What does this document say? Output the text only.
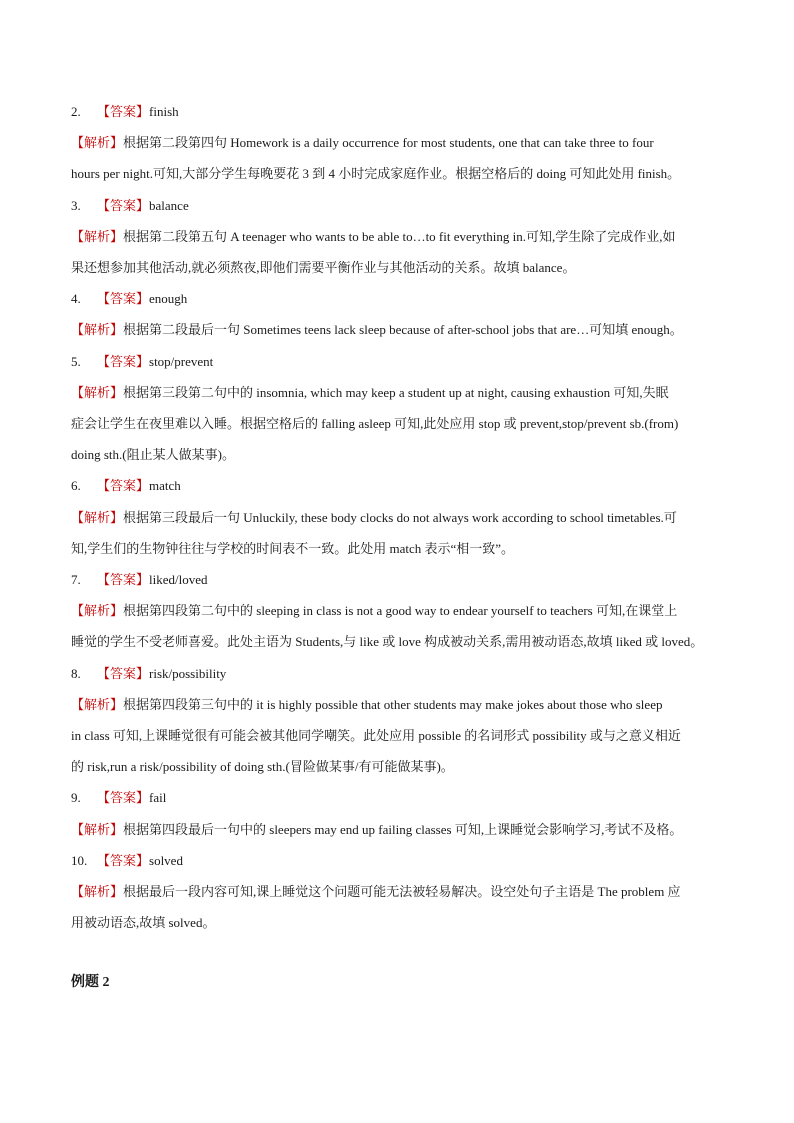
2. 【答案】finish
【解析】根据第二段第四句 Homework is a daily occurrence for most students, one that can take three to four
hours per night.可知,大部分学生每晚要花 3 到 4 小时完成家庭作业。根据空格后的 doing 可知此处用 finish。
3. 【答案】balance
【解析】根据第二段第五句 A teenager who wants to be able to…to fit everything in.可知,学生除了完成作业,如
果还想参加其他活动,就必须熬夜,即他们需要平衡作业与其他活动的关系。故填 balance。
4. 【答案】enough
【解析】根据第二段最后一句 Sometimes teens lack sleep because of after-school jobs that are…可知填 enough。
5. 【答案】stop/prevent
【解析】根据第三段第二句中的 insomnia, which may keep a student up at night, causing exhaustion 可知,失眠
症会让学生在夜里难以入睡。根据空格后的 falling asleep 可知,此处应用 stop 或 prevent,stop/prevent sb.(from)
doing sth.(阻止某人做某事)。
6. 【答案】match
【解析】根据第三段最后一句 Unluckily, these body clocks do not always work according to school timetables.可
知,学生们的生物钟往往与学校的时间表不一致。此处用 match 表示“相一致”。
7. 【答案】liked/loved
【解析】根据第四段第二句中的 sleeping in class is not a good way to endear yourself to teachers 可知,在课堂上
睡觉的学生不受老师喜爱。此处主语为 Students,与 like 或 love 构成被动关系,需用被动语态,故填 liked 或 loved。
8. 【答案】risk/possibility
【解析】根据第四段第三句中的 it is highly possible that other students may make jokes about those who sleep
in class 可知,上课睡觉很有可能会被其他同学嘲笑。此处应用 possible 的名词形式 possibility 或与之意义相近
的 risk,run a risk/possibility of doing sth.(冒险做某事/有可能做某事)。
9. 【答案】fail
【解析】根据第四段最后一句中的 sleepers may end up failing classes 可知,上课睡觉会影响学习,考试不及格。
10. 【答案】solved
【解析】根据最后一段内容可知,课上睡觉这个问题可能无法被轻易解决。设空处句子主语是 The problem 应
用被动语态,故填 solved。
例题 2
